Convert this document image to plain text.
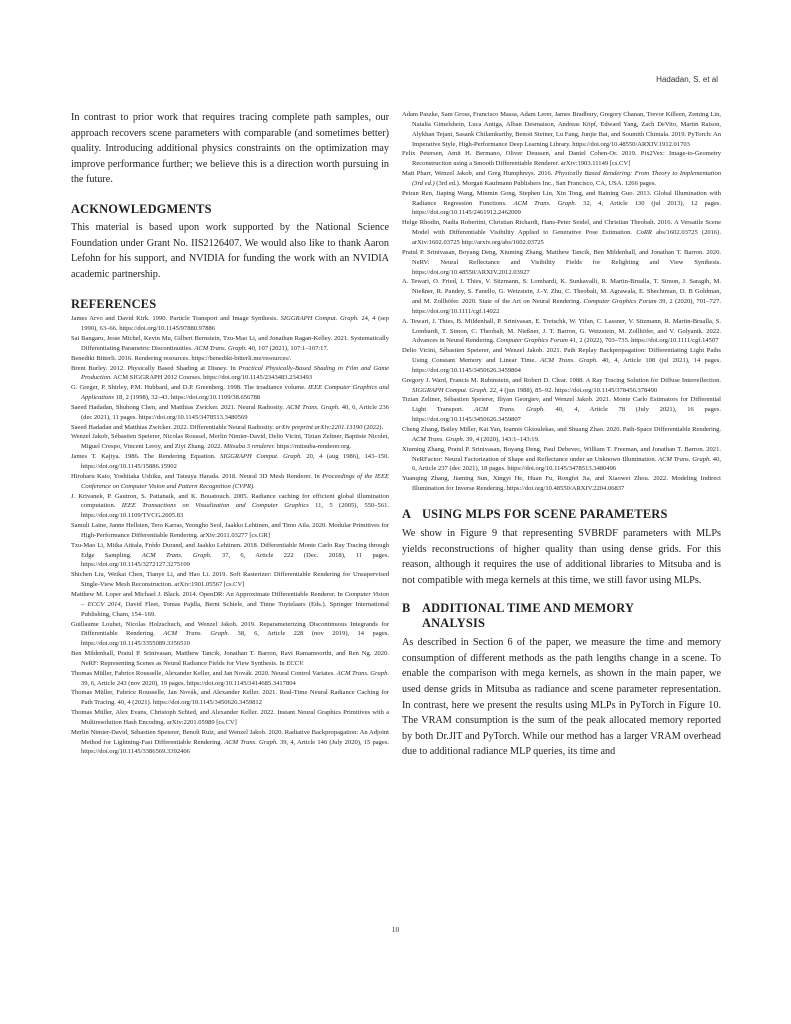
Hadadan, S. et al

In contrast to prior work that requires tracing complete path samples, our approach recovers scene parameters with comparable (and sometimes better) quality. Introducing additional physics constraints on the optimization may improve performance further; we believe this is a direction worth pursuing in the future.

ACKNOWLEDGMENTS

This material is based upon work supported by the National Science Foundation under Grant No. IIS2126407. We would also like to thank Aaron Lefohn for his support, and NVIDIA for funding the work with an NVIDIA academic partnership.

REFERENCES
James Arvo and David Kirk. 1990. Particle Transport and Image Synthesis. SIGGRAPH Comput. Graph. 24, 4 (sep 1990), 63–66. https://doi.org/10.1145/97880.97886
Sai Bangaru, Jesse Michel, Kevin Mu, Gilbert Bernstein, Tzu-Mao Li, and Jonathan Ragan-Kelley. 2021. Systematically Differentiating Parametric Discontinuities. ACM Trans. Graph. 40, 107 (2021), 107:1–107:17.
Benedikt Bitterli. 2016. Rendering resources. https://benedikt-bitterli.me/resources/.
Brent Burley. 2012. Physically Based Shading at Disney. In Practical Physically-Based Shading in Film and Game Production. ACM SIGGRAPH 2012 Courses. https://doi.org/10.1145/2343483.2343493
G. Greger, P. Shirley, P.M. Hubbard, and D.P. Greenberg. 1998. The irradiance volume. IEEE Computer Graphics and Applications 18, 2 (1998), 32–43. https://doi.org/10.1109/38.656788
Saeed Hadadan, Shuhong Chen, and Matthias Zwicker. 2021. Neural Radiosity. ACM Trans. Graph. 40, 6, Article 236 (dec 2021), 11 pages. https://doi.org/10.1145/3478513.3480569
Saeed Hadadan and Matthias Zwicker. 2022. Differentiable Neural Radiosity. arXiv preprint arXiv:2201.13190 (2022).
Wenzel Jakob, Sébastien Speierer, Nicolas Roussel, Merlin Nimier-David, Delio Vicini, Tizian Zeltner, Baptiste Nicolet, Miguel Crespo, Vincent Leroy, and Ziyi Zhang. 2022. Mitsuba 3 renderer. https://mitsuba-renderer.org.
James T. Kajiya. 1986. The Rendering Equation. SIGGRAPH Comput. Graph. 20, 4 (aug 1986), 143–150. https://doi.org/10.1145/15886.15902
Hiroharu Kato, Yoshitaka Ushiku, and Tatsuya Harada. 2018. Neural 3D Mesh Renderer. In Proceedings of the IEEE Conference on Computer Vision and Pattern Recognition (CVPR).
J. Krivanek, P. Gautron, S. Pattanaik, and K. Bouatouch. 2005. Radiance caching for efficient global illumination computation. IEEE Transactions on Visualization and Computer Graphics 11, 5 (2005), 550–561. https://doi.org/10.1109/TVCG.2005.83
Samuli Laine, Janne Hellsten, Tero Karras, Yeongho Seol, Jaakko Lehtinen, and Timo Aila. 2020. Modular Primitives for High-Performance Differentiable Rendering. arXiv:2011.03277 [cs.GR]
Tzu-Mao Li, Miika Aittala, Frédo Durand, and Jaakko Lehtinen. 2018. Differentiable Monte Carlo Ray Tracing through Edge Sampling. ACM Trans. Graph. 37, 6, Article 222 (Dec. 2018), 11 pages. https://doi.org/10.1145/3272127.3275109
Shichen Liu, Weikai Chen, Tianye Li, and Hao Li. 2019. Soft Rasterizer: Differentiable Rendering for Unsupervised Single-View Mesh Reconstruction. arXiv:1901.05567 [cs.CV]
Matthew M. Loper and Michael J. Black. 2014. OpenDR: An Approximate Differentiable Renderer. In Computer Vision – ECCV 2014, David Fleet, Tomas Pajdla, Bernt Schiele, and Tinne Tuytelaars (Eds.). Springer International Publishing, Cham, 154–169.
Guillaume Loubet, Nicolas Holzschuch, and Wenzel Jakob. 2019. Reparameterizing Discontinuous Integrands for Differentiable Rendering. ACM Trans. Graph. 38, 6, Article 228 (nov 2019), 14 pages. https://doi.org/10.1145/3355089.3356510
Ben Mildenhall, Pratul P. Srinivasan, Matthew Tancik, Jonathan T. Barron, Ravi Ramamoorthi, and Ren Ng. 2020. NeRF: Representing Scenes as Neural Radiance Fields for View Synthesis. In ECCV.
Thomas Müller, Fabrice Rousselle, Alexander Keller, and Jan Novák. 2020. Neural Control Variates. ACM Trans. Graph. 39, 6, Article 243 (nov 2020), 19 pages. https://doi.org/10.1145/3414685.3417804
Thomas Müller, Fabrice Rousselle, Jan Novák, and Alexander Keller. 2021. Real-Time Neural Radiance Caching for Path Tracing. 40, 4 (2021). https://doi.org/10.1145/3450626.3459812
Thomas Müller, Alex Evans, Christoph Schied, and Alexander Keller. 2022. Instant Neural Graphics Primitives with a Multiresolution Hash Encoding. arXiv:2201.05989 [cs.CV]
Merlin Nimier-David, Sébastien Speierer, Benoît Ruiz, and Wenzel Jakob. 2020. Radiative Backpropagation: An Adjoint Method for Lightning-Fast Differentiable Rendering. ACM Trans. Graph. 39, 4, Article 146 (July 2020), 15 pages. https://doi.org/10.1145/3386569.3392406
Adam Paszke, Sam Gross, Francisco Massa, Adam Lerer, James Bradbury, Gregory Chanan, Trevor Killeen, Zeming Lin, Natalia Gimelshein, Luca Antiga, Alban Desmaison, Andreas Köpf, Edward Yang, Zach DeVito, Martin Raison, Alykhan Tejani, Sasank Chilamkurthy, Benoit Steiner, Lu Fang, Junjie Bai, and Soumith Chintala. 2019. PyTorch: An Imperative Style, High-Performance Deep Learning Library. https://doi.org/10.48550/ARXIV.1912.01703
Felix Petersen, Amit H. Bermano, Oliver Deussen, and Daniel Cohen-Or. 2019. Pix2Vex: Image-to-Geometry Reconstruction using a Smooth Differentiable Renderer. arXiv:1903.11149 [cs.CV]
Matt Pharr, Wenzel Jakob, and Greg Humphreys. 2016. Physically Based Rendering: From Theory to Implementation (3rd ed.) (3rd ed.). Morgan Kaufmann Publishers Inc., San Francisco, CA, USA. 1266 pages.
Peiran Ren, Jiaping Wang, Minmin Gong, Stephen Lin, Xin Tong, and Baining Guo. 2013. Global Illumination with Radiance Regression Functions. ACM Trans. Graph. 32, 4, Article 130 (jul 2013), 12 pages. https://doi.org/10.1145/2461912.2462009
Helge Rhodin, Nadia Robertini, Christian Richardt, Hans-Peter Seidel, and Christian Theobalt. 2016. A Versatile Scene Model with Differentiable Visibility Applied to Generative Pose Estimation. CoRR abs/1602.03725 (2016). arXiv:1602.03725 http://arxiv.org/abs/1602.03725
Pratul P. Srinivasan, Boyang Deng, Xiuming Zhang, Matthew Tancik, Ben Mildenhall, and Jonathan T. Barron. 2020. NeRV: Neural Reflectance and Visibility Fields for Relighting and View Synthesis. https://doi.org/10.48550/ARXIV.2012.03927
A. Tewari, O. Fried, J. Thies, V. Sitzmann, S. Lombardi, K. Sunkavalli, R. Martin-Brualla, T. Simon, J. Saragih, M. Nießner, R. Pandey, S. Fanello, G. Wetzstein, J.-Y. Zhu, C. Theobalt, M. Agrawala, E. Shechtman, D. B Goldman, and M. Zollhöfer. 2020. State of the Art on Neural Rendering. Computer Graphics Forum 39, 2 (2020), 701–727. https://doi.org/10.1111/cgf.14022
A. Tewari, J. Thies, B. Mildenhall, P. Srinivasan, E. Tretschk, W. Yifan, C. Lassner, V. Sitzmann, R. Martin-Brualla, S. Lombardi, T. Simon, C. Theobalt, M. Nießner, J. T. Barron, G. Wetzstein, M. Zollhöfer, and V. Golyanik. 2022. Advances in Neural Rendering. Computer Graphics Forum 41, 2 (2022), 703–735. https://doi.org/10.1111/cgf.14507
Delio Vicini, Sébastien Speierer, and Wenzel Jakob. 2021. Path Replay Backpropagation: Differentiating Light Paths Using Constant Memory and Linear Time. ACM Trans. Graph. 40, 4, Article 108 (jul 2021), 14 pages. https://doi.org/10.1145/3450626.3459804
Gregory J. Ward, Francis M. Rubinstein, and Robert D. Clear. 1988. A Ray Tracing Solution for Diffuse Interreflection. SIGGRAPH Comput. Graph. 22, 4 (jun 1988), 85–92. https://doi.org/10.1145/378456.378490
Tizian Zeltner, Sébastien Speierer, Iliyan Georgiev, and Wenzel Jakob. 2021. Monte Carlo Estimators for Differential Light Transport. ACM Trans. Graph. 40, 4, Article 78 (July 2021), 16 pages. https://doi.org/10.1145/3450626.3459807
Cheng Zhang, Bailey Miller, Kai Yan, Ioannis Gkioulekas, and Shuang Zhao. 2020. Path-Space Differentiable Rendering. ACM Trans. Graph. 39, 4 (2020), 143:1–143:19.
Xiuming Zhang, Pratul P. Srinivasan, Boyang Deng, Paul Debevec, William T. Freeman, and Jonathan T. Barron. 2021. NeRFactor: Neural Factorization of Shape and Reflectance under an Unknown Illumination. ACM Trans. Graph. 40, 6, Article 237 (dec 2021), 18 pages. https://doi.org/10.1145/3478513.3480496
Yuanqing Zhang, Jiaming Sun, Xingyi He, Huan Fu, Rongfei Jia, and Xiaowei Zhou. 2022. Modeling Indirect Illumination for Inverse Rendering. https://doi.org/10.48550/ARXIV.2204.06837
A USING MLPS FOR SCENE PARAMETERS

We show in Figure 9 that representing SVBRDF parameters with MLPs yields reconstructions of higher quality than using dense grids. For this reason, although it requires the use of additional libraries to Mitsuba and is not compatible with mega kernels at this time, we still favor using MLPs.

B ADDITIONAL TIME AND MEMORY
ANALYSIS

As described in Section 6 of the paper, we measure the time and memory consumption of different methods as the path lengths change in a scene. To enable the comparison with mega kernels, as shown in the main paper, we used dense grids in Mitsuba as radiance and scene parameter representation. In contrast, here we present the results using MLPs in PyTorch in Figure 10. The VRAM consumption is the sum of the peak allocated memory reported by both Dr.JIT and PyTorch. While our method has a larger VRAM overhead due to additional radiance MLP queries, its time and

10
